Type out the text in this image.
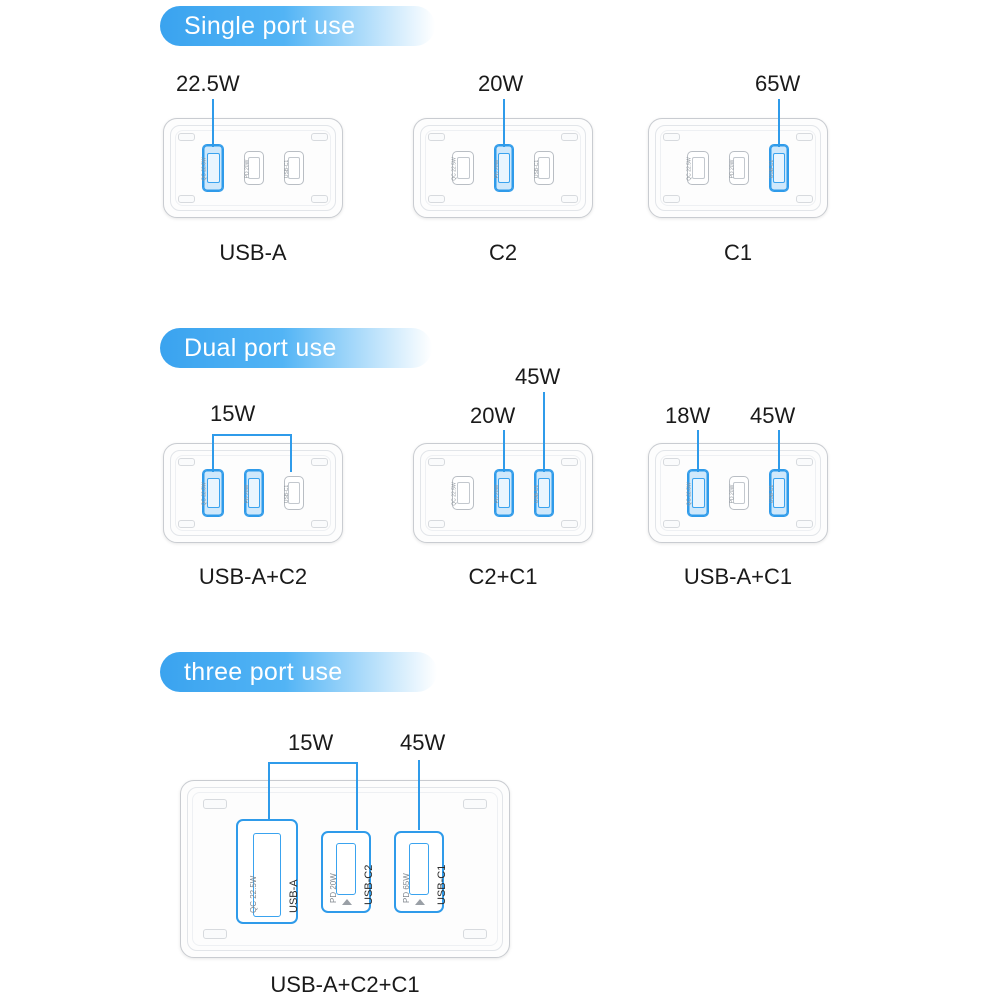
Single port use
QC 22.5W	PD 20W	USB-C1
22.5W
USB-A
QC 22.5W	PD 20W	USB-C1
20W
C2
QC 22.5W	PD 20W	USB-C1
65W
C1
Dual port use
QC 22.5W	PD 20W	USB-C1
15W
USB-A+C2
QC 22.5W	PD 20W	USB-C1
20W
45W
C2+C1
QC 22.5W	PD 20W	USB-C1
18W 45W
USB-A+C1
three port use
QC 22.5W	USB-A	PD 20W USB-C2	PD 65W USB-C1
15W	45W
USB-A+C2+C1
